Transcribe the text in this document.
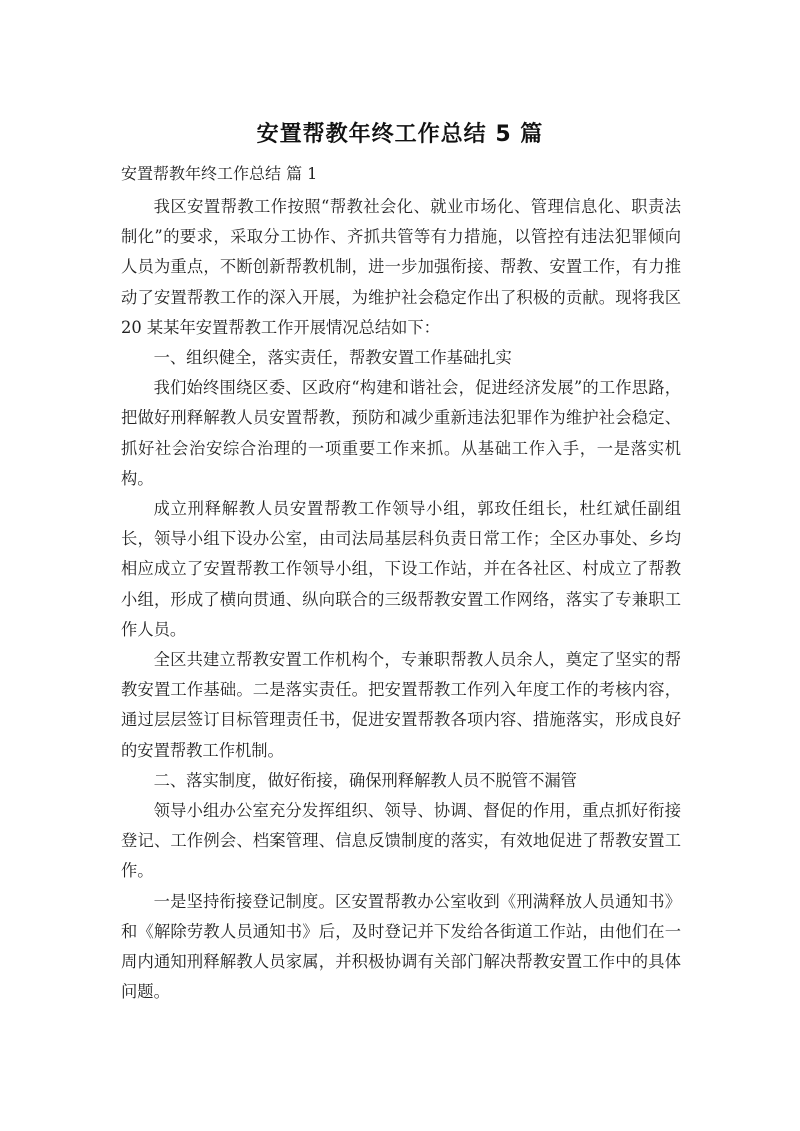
安置帮教年终工作总结 5 篇
安置帮教年终工作总结 篇 1

我区安置帮教工作按照“帮教社会化、就业市场化、管理信息化、职责法制化”的要求，采取分工协作、齐抓共管等有力措施，以管控有违法犯罪倾向人员为重点，不断创新帮教机制，进一步加强衔接、帮教、安置工作，有力推动了安置帮教工作的深入开展，为维护社会稳定作出了积极的贡献。现将我区 20 某某年安置帮教工作开展情况总结如下：

一、组织健全，落实责任，帮教安置工作基础扎实

我们始终围绕区委、区政府“构建和谐社会，促进经济发展”的工作思路，把做好刑释解教人员安置帮教，预防和减少重新违法犯罪作为维护社会稳定、抓好社会治安综合治理的一项重要工作来抓。从基础工作入手，一是落实机构。

成立刑释解教人员安置帮教工作领导小组，郭玫任组长，杜红斌任副组长，领导小组下设办公室，由司法局基层科负责日常工作；全区办事处、乡均相应成立了安置帮教工作领导小组，下设工作站，并在各社区、村成立了帮教小组，形成了横向贯通、纵向联合的三级帮教安置工作网络，落实了专兼职工作人员。

全区共建立帮教安置工作机构个，专兼职帮教人员余人，奠定了坚实的帮教安置工作基础。二是落实责任。把安置帮教工作列入年度工作的考核内容，通过层层签订目标管理责任书，促进安置帮教各项内容、措施落实，形成良好的安置帮教工作机制。

二、落实制度，做好衔接，确保刑释解教人员不脱管不漏管

领导小组办公室充分发挥组织、领导、协调、督促的作用，重点抓好衔接登记、工作例会、档案管理、信息反馈制度的落实，有效地促进了帮教安置工作。

一是坚持衔接登记制度。区安置帮教办公室收到《刑满释放人员通知书》和《解除劳教人员通知书》后，及时登记并下发给各街道工作站，由他们在一周内通知刑释解教人员家属，并积极协调有关部门解决帮教安置工作中的具体问题。
